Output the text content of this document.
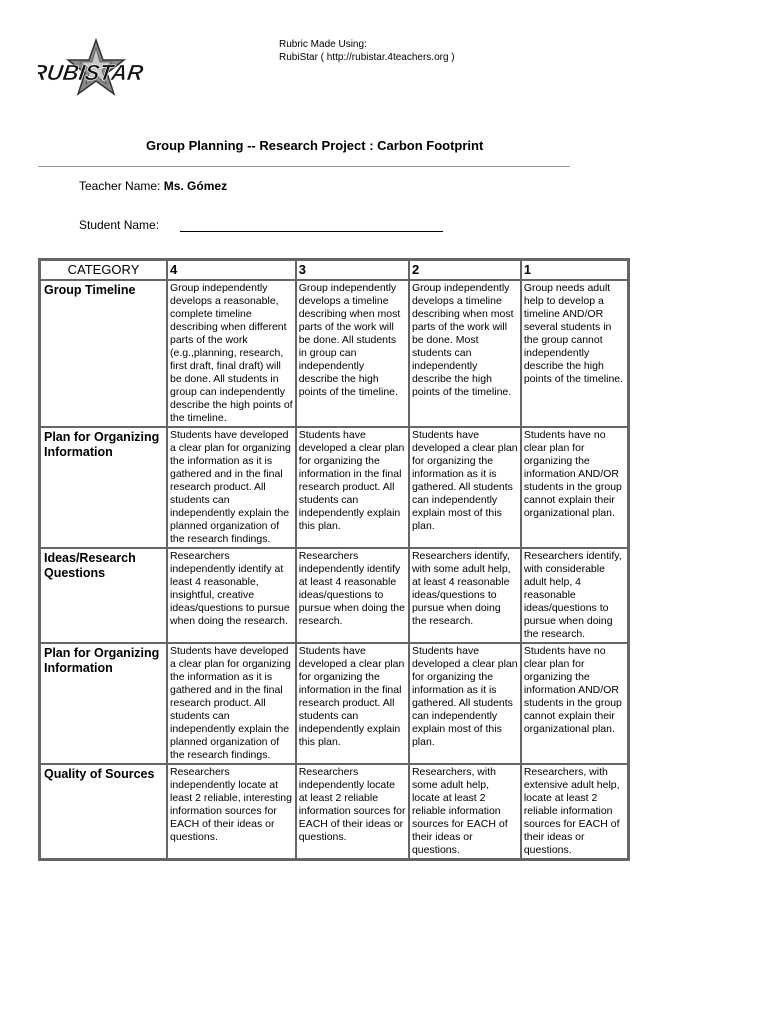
RUBISTAR
Rubric Made Using:
RubiStar ( http://rubistar.4teachers.org )
Group Planning -- Research Project : Carbon Footprint
Teacher Name: Ms. Gómez
Student Name:
CATEGORY	4	3	2	1
Group Timeline	Group independently develops a reasonable, complete timeline describing when different parts of the work (e.g.,planning, research, first draft, final draft) will be done. All students in group can independently describe the high points of the timeline.	Group independently develops a timeline describing when most parts of the work will be done. All students in group can independently describe the high points of the timeline.	Group independently develops a timeline describing when most parts of the work will be done. Most students can independently describe the high points of the timeline.	Group needs adult help to develop a timeline AND/OR several students in the group cannot independently describe the high points of the timeline.
Plan for Organizing Information	Students have developed a clear plan for organizing the information as it is gathered and in the final research product. All students can independently explain the planned organization of the research findings.	Students have developed a clear plan for organizing the information in the final research product. All students can independently explain this plan.	Students have developed a clear plan for organizing the information as it is gathered. All students can independently explain most of this plan.	Students have no clear plan for organizing the information AND/OR students in the group cannot explain their organizational plan.
Ideas/Research Questions	Researchers independently identify at least 4 reasonable, insightful, creative ideas/questions to pursue when doing the research.	Researchers independently identify at least 4 reasonable ideas/questions to pursue when doing the research.	Researchers identify, with some adult help, at least 4 reasonable ideas/questions to pursue when doing the research.	Researchers identify, with considerable adult help, 4 reasonable ideas/questions to pursue when doing the research.
Plan for Organizing Information	Students have developed a clear plan for organizing the information as it is gathered and in the final research product. All students can independently explain the planned organization of the research findings.	Students have developed a clear plan for organizing the information in the final research product. All students can independently explain this plan.	Students have developed a clear plan for organizing the information as it is gathered. All students can independently explain most of this plan.	Students have no clear plan for organizing the information AND/OR students in the group cannot explain their organizational plan.
Quality of Sources	Researchers independently locate at least 2 reliable, interesting information sources for EACH of their ideas or questions.	Researchers independently locate at least 2 reliable information sources for EACH of their ideas or questions.	Researchers, with some adult help, locate at least 2 reliable information sources for EACH of their ideas or questions.	Researchers, with extensive adult help, locate at least 2 reliable information sources for EACH of their ideas or questions.
